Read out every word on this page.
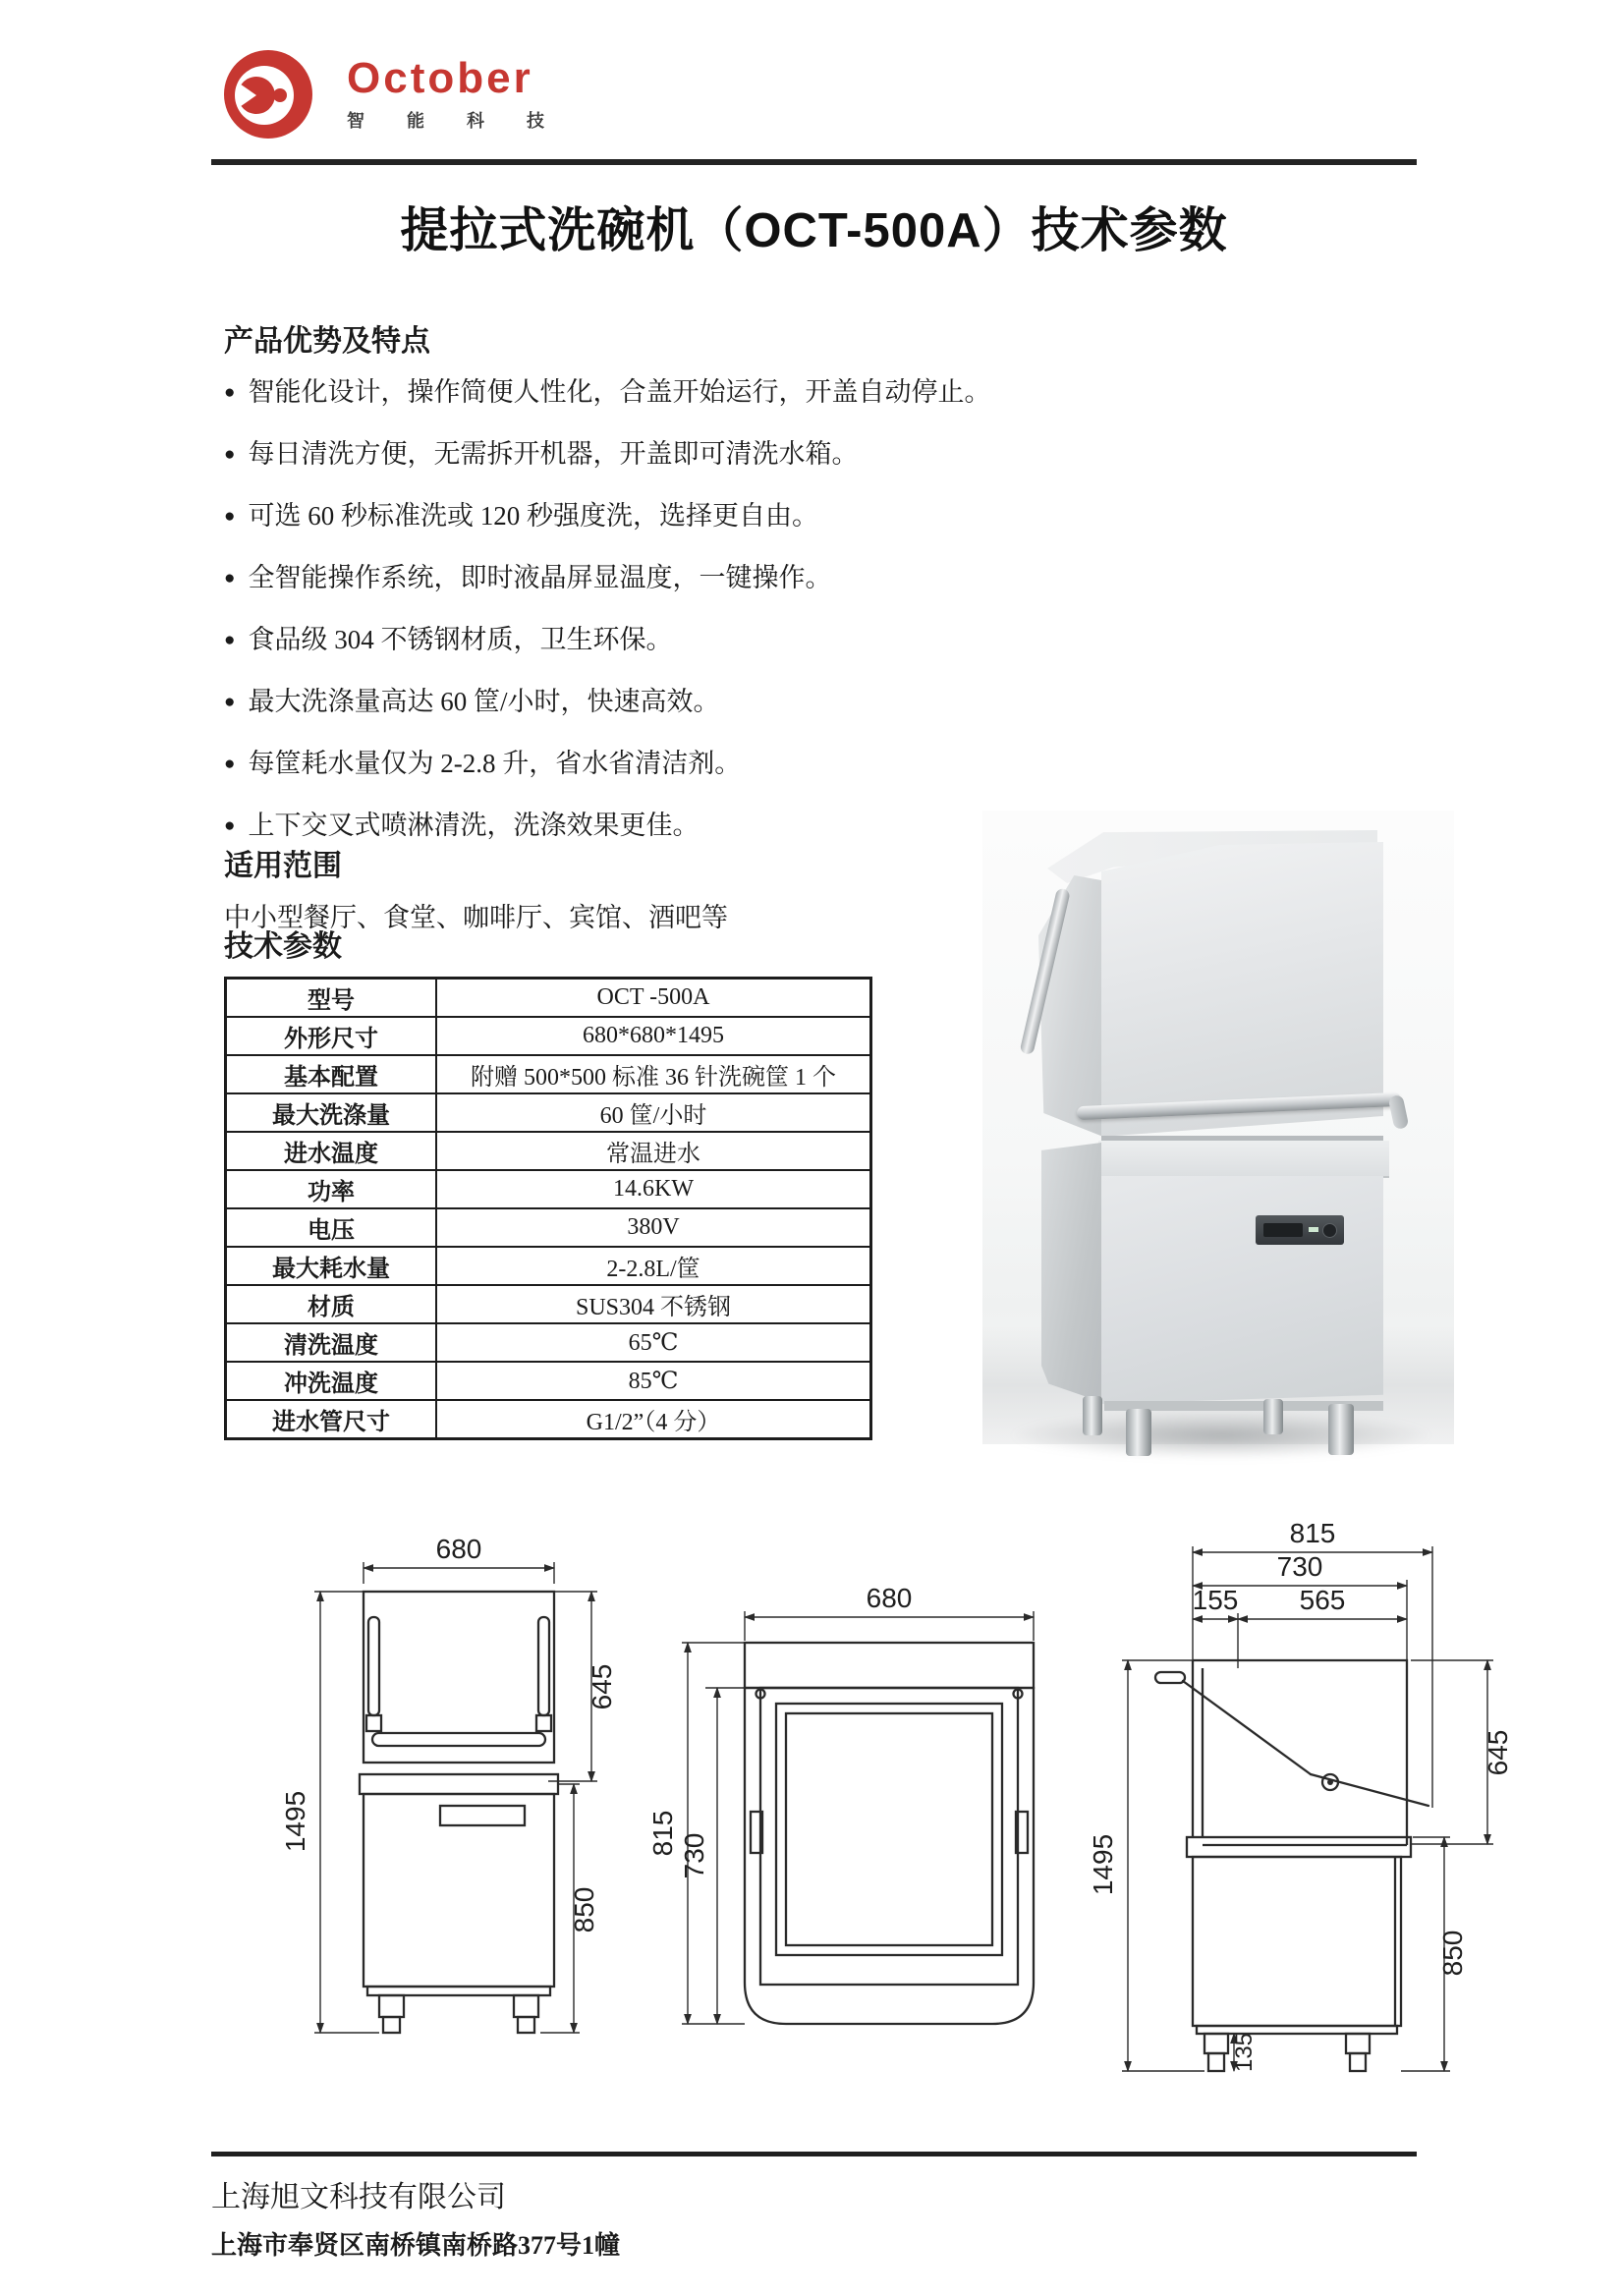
October
智 能 科 技
提拉式洗碗机（OCT-500A）技术参数
产品优势及特点
● 智能化设计，操作简便人性化，合盖开始运行，开盖自动停止。
● 每日清洗方便，无需拆开机器，开盖即可清洗水箱。
● 可选 60 秒标准洗或 120 秒强度洗，选择更自由。
● 全智能操作系统，即时液晶屏显温度，一键操作。
● 食品级 304 不锈钢材质，卫生环保。
● 最大洗涤量高达 60 筐/小时，快速高效。
● 每筐耗水量仅为 2-2.8 升，省水省清洁剂。
● 上下交叉式喷淋清洗，洗涤效果更佳。
适用范围

中小型餐厅、食堂、咖啡厅、宾馆、酒吧等

技术参数
型号	OCT -500A
外形尺寸	680*680*1495
基本配置	附赠 500*500 标准 36 针洗碗筐 1 个
最大洗涤量	60 筐/小时
进水温度	常温进水
功率	14.6KW
电压	380V
最大耗水量	2-2.8L/筐
材质	SUS304 不锈钢
清洗温度	65℃
冲洗温度	85℃
进水管尺寸	G1/2”（4 分）
680
1495
645
850
680
815 730
815
730
155 565
1495
645
850
135

上海旭文科技有限公司

上海市奉贤区南桥镇南桥路377号1幢
